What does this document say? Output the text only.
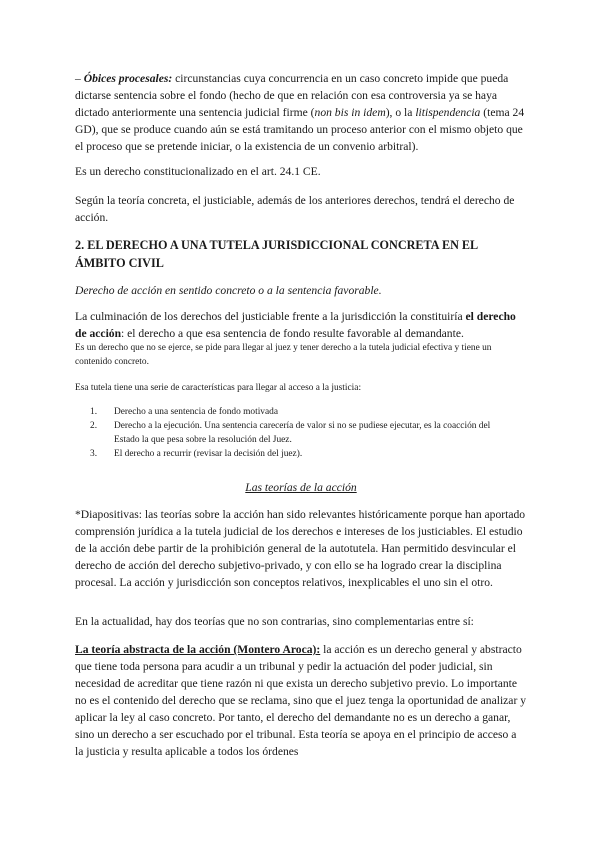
– Óbices procesales: circunstancias cuya concurrencia en un caso concreto impide que pueda dictarse sentencia sobre el fondo (hecho de que en relación con esa controversia ya se haya dictado anteriormente una sentencia judicial firme (non bis in idem), o la litispendencia (tema 24 GD), que se produce cuando aún se está tramitando un proceso anterior con el mismo objeto que el proceso que se pretende iniciar, o la existencia de un convenio arbitral).

Es un derecho constitucionalizado en el art. 24.1 CE.

Según la teoría concreta, el justiciable, además de los anteriores derechos, tendrá el derecho de acción.

2. EL DERECHO A UNA TUTELA JURISDICCIONAL CONCRETA EN EL ÁMBITO CIVIL

Derecho de acción en sentido concreto o a la sentencia favorable.

La culminación de los derechos del justiciable frente a la jurisdicción la constituiría el derecho de acción: el derecho a que esa sentencia de fondo resulte favorable al demandante.

Es un derecho que no se ejerce, se pide para llegar al juez y tener derecho a la tutela judicial efectiva y tiene un contenido concreto.

Esa tutela tiene una serie de características para llegar al acceso a la justicia:

1. Derecho a una sentencia de fondo motivada
2. Derecho a la ejecución. Una sentencia carecería de valor si no se pudiese ejecutar, es la coacción del Estado la que pesa sobre la resolución del Juez.
3. El derecho a recurrir (revisar la decisión del juez).

Las teorías de la acción

*Diapositivas: las teorías sobre la acción han sido relevantes históricamente porque han aportado comprensión jurídica a la tutela judicial de los derechos e intereses de los justiciables. El estudio de la acción debe partir de la prohibición general de la autotutela. Han permitido desvincular el derecho de acción del derecho subjetivo-privado, y con ello se ha logrado crear la disciplina procesal. La acción y jurisdicción son conceptos relativos, inexplicables el uno sin el otro.

En la actualidad, hay dos teorías que no son contrarias, sino complementarias entre sí:

La teoría abstracta de la acción (Montero Aroca): la acción es un derecho general y abstracto que tiene toda persona para acudir a un tribunal y pedir la actuación del poder judicial, sin necesidad de acreditar que tiene razón ni que exista un derecho subjetivo previo. Lo importante no es el contenido del derecho que se reclama, sino que el juez tenga la oportunidad de analizar y aplicar la ley al caso concreto. Por tanto, el derecho del demandante no es un derecho a ganar, sino un derecho a ser escuchado por el tribunal. Esta teoría se apoya en el principio de acceso a la justicia y resulta aplicable a todos los órdenes
